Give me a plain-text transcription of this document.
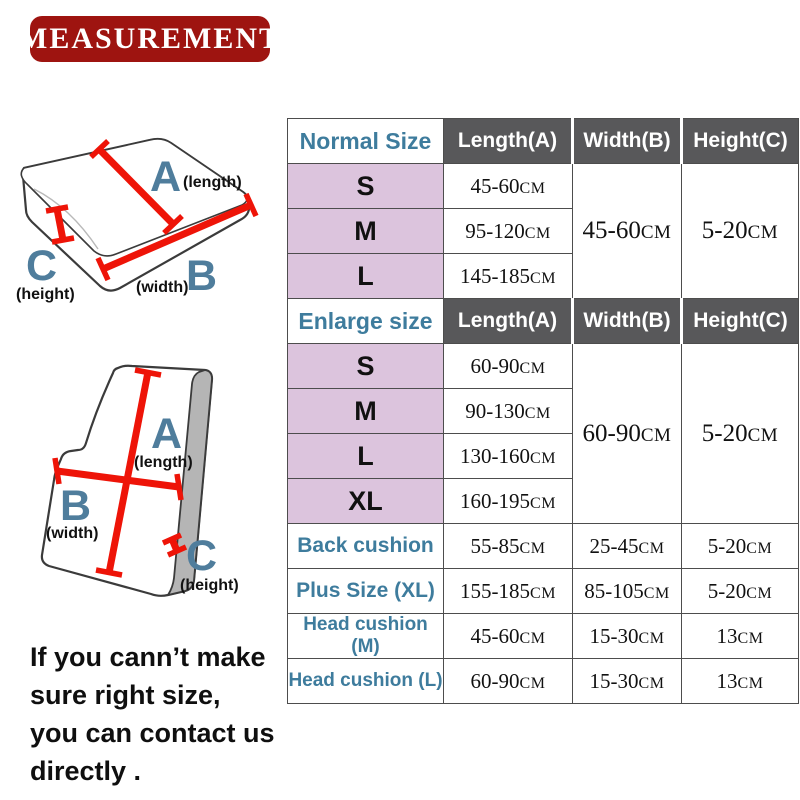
MEASUREMENT
A (length)
B
(width)
C
(height)
A
(length)
B
(width) C
(height)
Normal Size	Length(A)	Width(B)	Height(C)
S	45-60CM	45-60CM	5-20CM
M	95-120CM		
L	145-185CM		
Enlarge size	Length(A)	Width(B)	Height(C)
S	60-90CM	60-90CM	5-20CM
M	90-130CM		
L	130-160CM		
XL	160-195CM		
Back cushion	55-85CM	25-45CM	5-20CM
Plus Size (XL)	155-185CM	85-105CM	5-20CM
Head cushion (M)	45-60CM	15-30CM	13CM
Head cushion (L)	60-90CM	15-30CM	13CM
If you cann’t make
sure right size,
you can contact us
directly .
